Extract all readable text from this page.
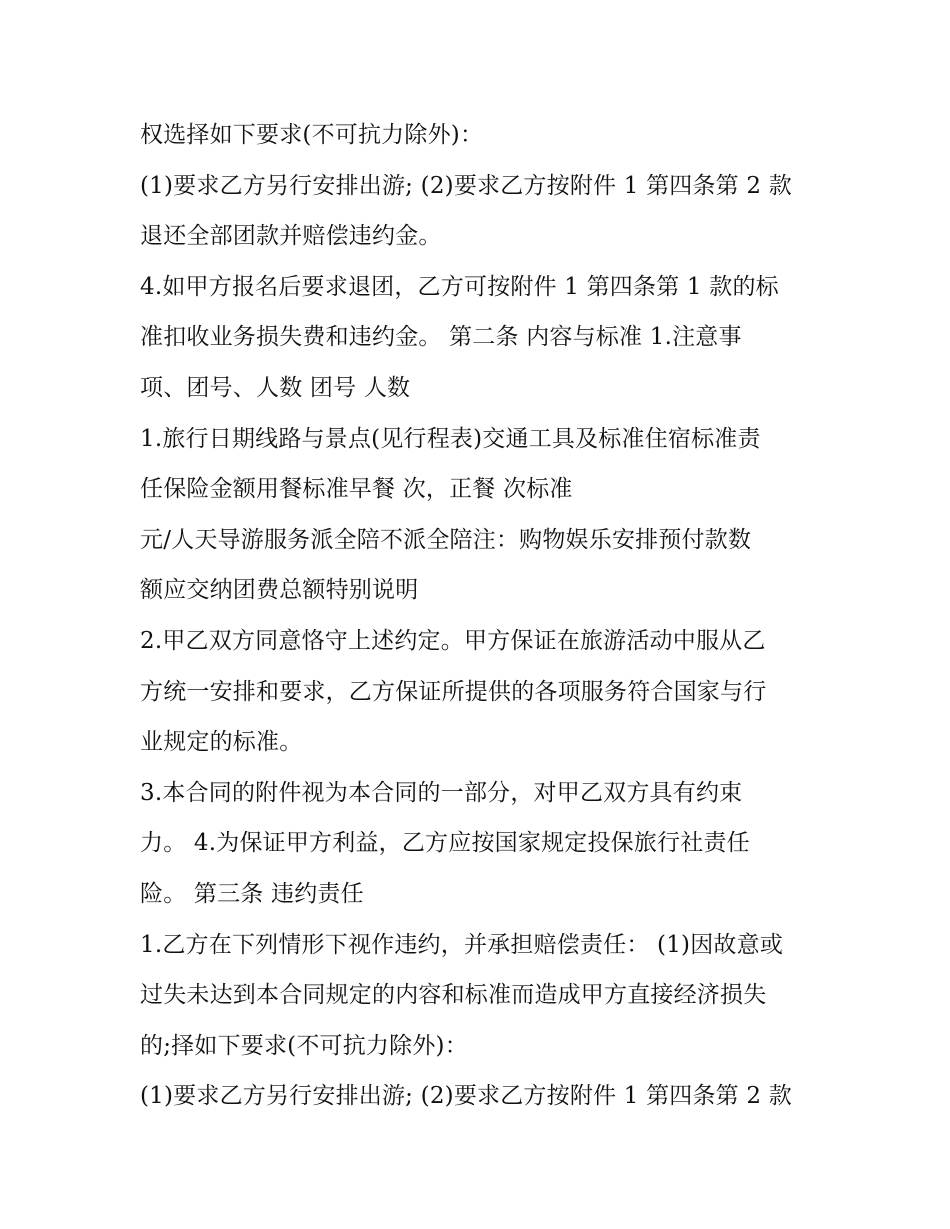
权选择如下要求(不可抗力除外)：
(1)要求乙方另行安排出游; (2)要求乙方按附件 1 第四条第 2 款
退还全部团款并赔偿违约金。
4.如甲方报名后要求退团，乙方可按附件 1 第四条第 1 款的标
准扣收业务损失费和违约金。 第二条 内容与标准 1.注意事
项、团号、人数 团号 人数
1.旅行日期线路与景点(见行程表)交通工具及标准住宿标准责
任保险金额用餐标准早餐 次，正餐 次标准
元/人天导游服务派全陪不派全陪注：购物娱乐安排预付款数
额应交纳团费总额特别说明
2.甲乙双方同意恪守上述约定。甲方保证在旅游活动中服从乙
方统一安排和要求，乙方保证所提供的各项服务符合国家与行
业规定的标准。
3.本合同的附件视为本合同的一部分，对甲乙双方具有约束
力。 4.为保证甲方利益，乙方应按国家规定投保旅行社责任
险。 第三条 违约责任
1.乙方在下列情形下视作违约，并承担赔偿责任： (1)因故意或
过失未达到本合同规定的内容和标准而造成甲方直接经济损失
的;择如下要求(不可抗力除外)：
(1)要求乙方另行安排出游; (2)要求乙方按附件 1 第四条第 2 款
